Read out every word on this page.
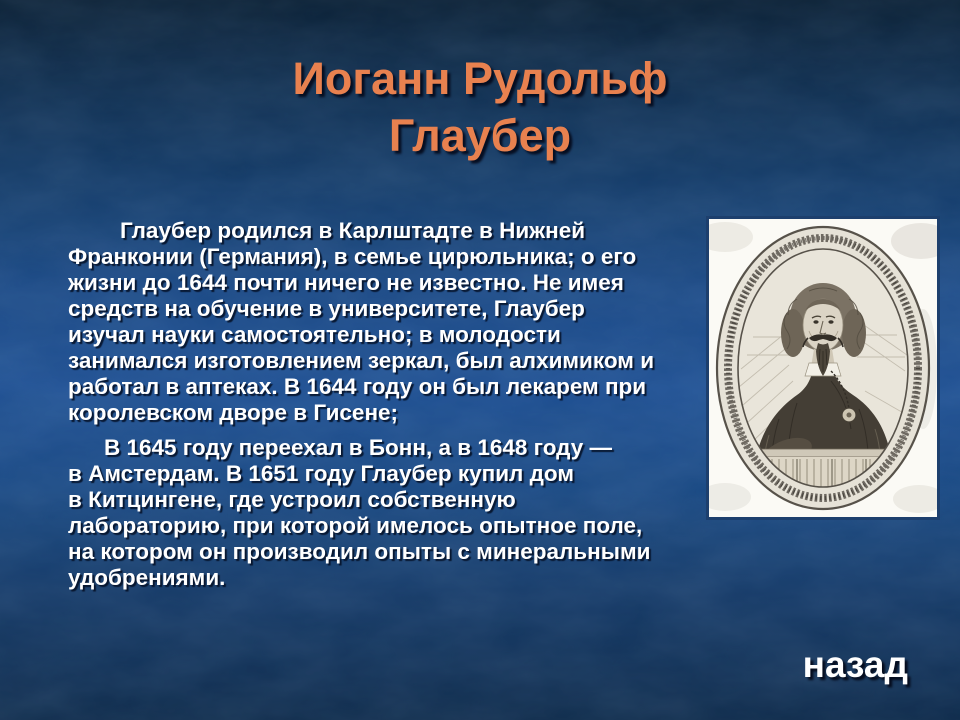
Иоганн Рудольф
Глаубер
Глаубер родился в Карлштадте в Нижней
Франконии (Германия), в семье цирюльника; о его
жизни до 1644 почти ничего не известно. Не имея
средств на обучение в университете, Глаубер
изучал науки самостоятельно; в молодости
занимался изготовлением зеркал, был алхимиком и
работал в аптеках. В 1644 году он был лекарем при
королевском дворе в Гисене;
В 1645 году переехал в Бонн, а в 1648 году —
в Амстердам. В 1651 году Глаубер купил дом
в Китцингене, где устроил собственную
лабораторию, при которой имелось опытное поле,
на котором он производил опыты с минеральными
удобрениями.
назад
